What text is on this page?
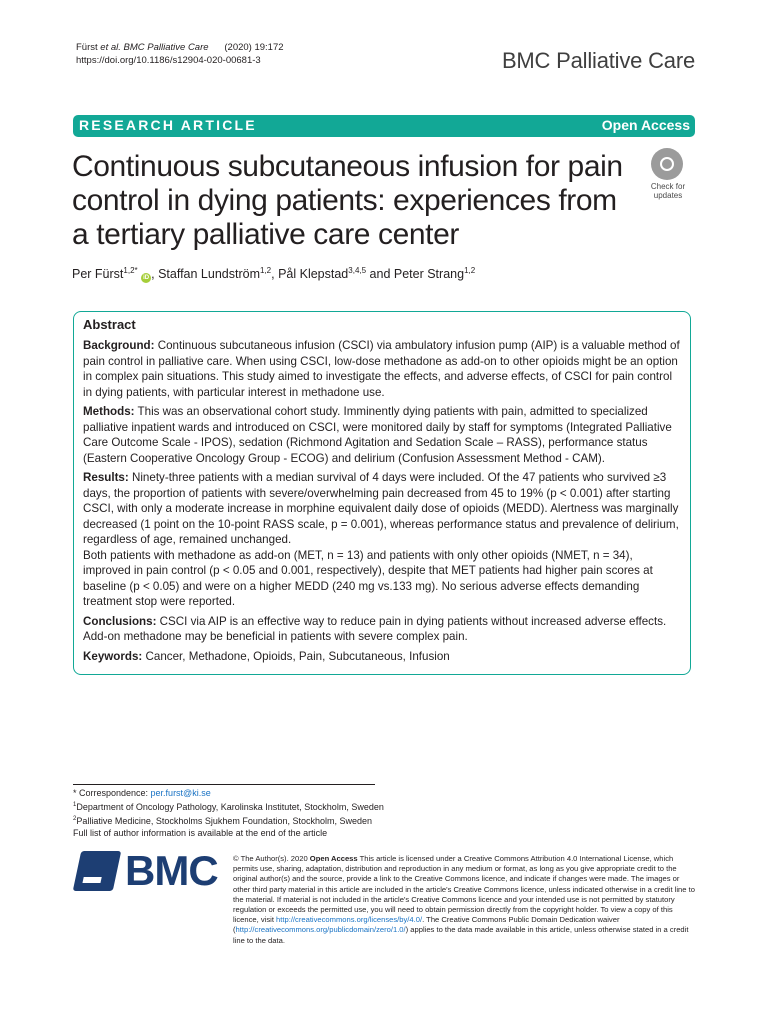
Fürst et al. BMC Palliative Care (2020) 19:172
https://doi.org/10.1186/s12904-020-00681-3	BMC Palliative Care
RESEARCH ARTICLE	Open Access
Continuous subcutaneous infusion for pain control in dying patients: experiences from a tertiary palliative care center
Check for updates
Per Fürst$^{1,2*}$ iD , Staffan Lundström$^{1,2}$, Pål Klepstad$^{3,4,5}$ and Peter Strang$^{1,2}$
Abstract

Background: Continuous subcutaneous infusion (CSCI) via ambulatory infusion pump (AIP) is a valuable method of pain control in palliative care. When using CSCI, low-dose methadone as add-on to other opioids might be an option in complex pain situations. This study aimed to investigate the effects, and adverse effects, of CSCI for pain control in dying patients, with particular interest in methadone use.

Methods: This was an observational cohort study. Imminently dying patients with pain, admitted to specialized palliative inpatient wards and introduced on CSCI, were monitored daily by staff for symptoms (Integrated Palliative Care Outcome Scale - IPOS), sedation (Richmond Agitation and Sedation Scale – RASS), performance status (Eastern Cooperative Oncology Group - ECOG) and delirium (Confusion Assessment Method - CAM).

Results: Ninety-three patients with a median survival of 4 days were included. Of the 47 patients who survived ≥3 days, the proportion of patients with severe/overwhelming pain decreased from 45 to 19% (p < 0.001) after starting CSCI, with only a moderate increase in morphine equivalent daily dose of opioids (MEDD). Alertness was marginally decreased (1 point on the 10-point RASS scale, p = 0.001), whereas performance status and prevalence of delirium, regardless of age, remained unchanged.

Both patients with methadone as add-on (MET, n = 13) and patients with only other opioids (NMET, n = 34), improved in pain control (p < 0.05 and 0.001, respectively), despite that MET patients had higher pain scores at baseline (p < 0.05) and were on a higher MEDD (240 mg vs.133 mg). No serious adverse effects demanding treatment stop were reported.

Conclusions: CSCI via AIP is an effective way to reduce pain in dying patients without increased adverse effects. Add-on methadone may be beneficial in patients with severe complex pain.

Keywords: Cancer, Methadone, Opioids, Pain, Subcutaneous, Infusion

* Correspondence: per.furst@ki.se
$^1$Department of Oncology Pathology, Karolinska Institutet, Stockholm, Sweden
$^2$Palliative Medicine, Stockholms Sjukhem Foundation, Stockholm, Sweden
Full list of author information is available at the end of the article
BMC © The Author(s). 2020 Open Access This article is licensed under a Creative Commons Attribution 4.0 International License, which permits use, sharing, adaptation, distribution and reproduction in any medium or format, as long as you give appropriate credit to the original author(s) and the source, provide a link to the Creative Commons licence, and indicate if changes were made. The images or other third party material in this article are included in the article's Creative Commons licence, unless indicated otherwise in a credit line to the material. If material is not included in the article's Creative Commons licence and your intended use is not permitted by statutory regulation or exceeds the permitted use, you will need to obtain permission directly from the copyright holder. To view a copy of this licence, visit http://creativecommons.org/licenses/by/4.0/. The Creative Commons Public Domain Dedication waiver (http://creativecommons.org/publicdomain/zero/1.0/) applies to the data made available in this article, unless otherwise stated in a credit line to the data.
